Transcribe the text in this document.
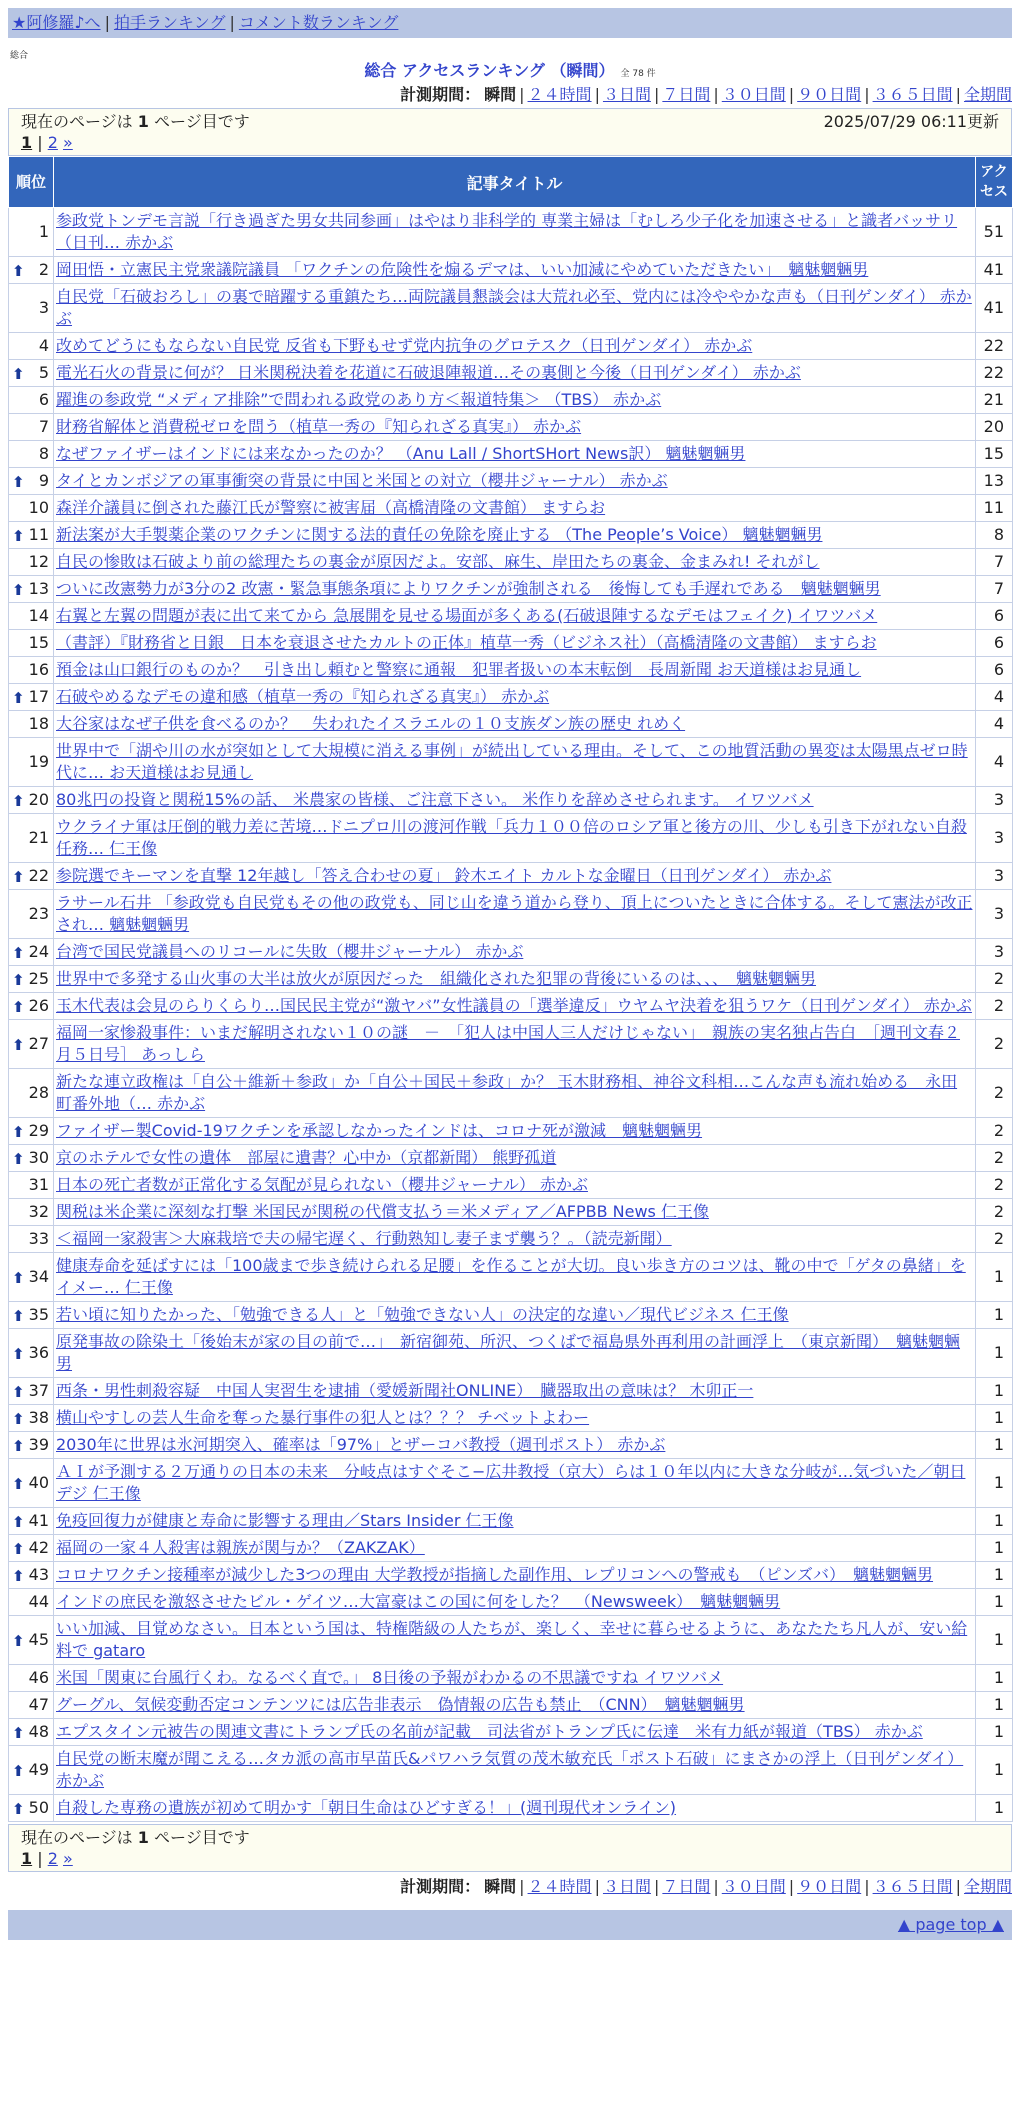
★阿修羅♪へ | 拍手ランキング | コメント数ランキング
総合
総合 アクセスランキング （瞬間） 全 78 件
計測期間： 瞬間 | ２４時間 | ３日間 | ７日間 | ３０日間 | ９０日間 | ３６５日間 | 全期間
現在のページは 1 ページ目です	2025/07/29 06:11更新
1 | 2 »
順位	記事タイトル	アクセス
1	参政党トンデモ言説「行き過ぎた男女共同参画」はやはり非科学的 専業主婦は「むしろ少子化を加速させる」と識者バッサリ（日刊… 赤かぶ	51

⬆ 2	岡田悟・立憲民主党衆議院議員 「ワクチンの危険性を煽るデマは、いい加減にやめていただきたい」　魑魅魍魎男	41
3	自民党「石破おろし」の裏で暗躍する重鎮たち…両院議員懇談会は大荒れ必至、党内には冷ややかな声も（日刊ゲンダイ） 赤かぶ	41
4	改めてどうにもならない自民党 反省も下野もせず党内抗争のグロテスク（日刊ゲンダイ） 赤かぶ	22

⬆ 5	電光石火の背景に何が？ 日米関税決着を花道に石破退陣報道…その裏側と今後（日刊ゲンダイ） 赤かぶ	22
6	躍進の参政党 “メディア排除”で問われる政党のあり方＜報道特集＞ （TBS） 赤かぶ	21
7	財務省解体と消費税ゼロを問う（植草一秀の『知られざる真実』） 赤かぶ	20
8	なぜファイザーはインドには来なかったのか？ （Anu Lall / ShortSHort News訳） 魑魅魍魎男	15

⬆ 9	タイとカンボジアの軍事衝突の背景に中国と米国との対立（櫻井ジャーナル） 赤かぶ	13
10	森洋介議員に倒された藤江氏が警察に被害届（高橋清隆の文書館） ますらお	11

⬆ 11	新法案が大手製薬企業のワクチンに関する法的責任の免除を廃止する （The People’s Voice） 魑魅魍魎男	8
12	自民の惨敗は石破より前の総理たちの裏金が原因だよ。安部、麻生、岸田たちの裏金、金まみれ! それがし	7

⬆ 13	ついに改憲勢力が3分の2 改憲・緊急事態条項によりワクチンが強制される　後悔しても手遅れである　魑魅魍魎男	7
14	右翼と左翼の問題が表に出て来てから 急展開を見せる場面が多くある(石破退陣するなデモはフェイク) イワツバメ	6
15	（書評）『財務省と日銀　日本を衰退させたカルトの正体』植草一秀（ビジネス社）（高橋清隆の文書館） ますらお	6
16	預金は山口銀行のものか？　引き出し頼むと警察に通報　犯罪者扱いの本末転倒　長周新聞 お天道様はお見通し	6

⬆ 17	石破やめるなデモの違和感（植草一秀の『知られざる真実』） 赤かぶ	4
18	大谷家はなぜ子供を食べるのか？　失われたイスラエルの１０支族ダン族の歴史 れめく	4
19	世界中で「湖や川の水が突如として大規模に消える事例」が続出している理由。そして、この地質活動の異変は太陽黒点ゼロ時代に… お天道様はお見通し	4

⬆ 20	80兆円の投資と関税15%の話、 米農家の皆様、ご注意下さい。 米作りを辞めさせられます。 イワツバメ	3
21	ウクライナ軍は圧倒的戦力差に苦境…ドニプロ川の渡河作戦「兵力１００倍のロシア軍と後方の川、少しも引き下がれない自殺任務… 仁王像	3

⬆ 22	参院選でキーマンを直撃 12年越し「答え合わせの夏」 鈴木エイト カルトな金曜日（日刊ゲンダイ） 赤かぶ	3
23	ラサール石井 「参政党も自民党もその他の政党も、同じ山を違う道から登り、頂上についたときに合体する。そして憲法が改正され… 魑魅魍魎男	3

⬆ 24	台湾で国民党議員へのリコールに失敗（櫻井ジャーナル） 赤かぶ	3

⬆ 25	世界中で多発する山火事の大半は放火が原因だった　組織化された犯罪の背後にいるのは、、、　魑魅魍魎男	2

⬆ 26	玉木代表は会見のらりくらり…国民民主党が“激ヤバ”女性議員の「選挙違反」ウヤムヤ決着を狙うワケ（日刊ゲンダイ） 赤かぶ	2

⬆ 27	福岡一家惨殺事件：いまだ解明されない１０の謎　－　「犯人は中国人三人だけじゃない」　親族の実名独占告白　［週刊文春２月５日号］ あっしら	2
28	新たな連立政権は「自公＋維新＋参政」か「自公＋国民＋参政」か？ 玉木財務相、神谷文科相…こんな声も流れ始める　永田町番外地（… 赤かぶ	2

⬆ 29	ファイザー製Covid-19ワクチンを承認しなかったインドは、コロナ死が激減　魑魅魍魎男	2

⬆ 30	京のホテルで女性の遺体　部屋に遺書？心中か（京都新聞） 熊野孤道	2
31	日本の死亡者数が正常化する気配が見られない（櫻井ジャーナル） 赤かぶ	2
32	関税は米企業に深刻な打撃 米国民が関税の代償支払う＝米メディア／AFPBB News 仁王像	2
33	＜福岡一家殺害＞大麻栽培で夫の帰宅遅く、行動熟知し妻子まず襲う？。（読売新聞）	2

⬆ 34	健康寿命を延ばすには「100歳まで歩き続けられる足腰」を作ることが大切。良い歩き方のコツは、靴の中で「ゲタの鼻緒」をイメー… 仁王像	1

⬆ 35	若い頃に知りたかった、「勉強できる人」と「勉強できない人」の決定的な違い／現代ビジネス 仁王像	1

⬆ 36	原発事故の除染土「後始末が家の目の前で…」　新宿御苑、所沢、つくばで福島県外再利用の計画浮上　（東京新聞）　魑魅魍魎男	1

⬆ 37	西条・男性刺殺容疑　中国人実習生を逮捕（愛媛新聞社ONLINE）　臓器取出の意味は？ 木卯正一	1

⬆ 38	横山やすしの芸人生命を奪った暴行事件の犯人とは？？？ チベットよわー	1

⬆ 39	2030年に世界は氷河期突入、確率は「97%」とザーコバ教授（週刊ポスト） 赤かぶ	1

⬆ 40	ＡＩが予測する２万通りの日本の未来　分岐点はすぐそこ−広井教授（京大）らは１０年以内に大きな分岐が…気づいた／朝日デジ 仁王像	1

⬆ 41	免疫回復力が健康と寿命に影響する理由／Stars Insider 仁王像	1

⬆ 42	福岡の一家４人殺害は親族が関与か？（ZAKZAK）	1

⬆ 43	コロナワクチン接種率が減少した3つの理由 大学教授が指摘した副作用、レプリコンへの警戒も　（ピンズバ）　魑魅魍魎男	1
44	インドの庶民を激怒させたビル・ゲイツ…大富豪はこの国に何をした？　（Newsweek）　魑魅魍魎男	1

⬆ 45	いい加減、目覚めなさい。日本という国は、特権階級の人たちが、楽しく、幸せに暮らせるように、あなたたち凡人が、安い給料で gataro	1
46	米国「関東に台風行くわ。なるべく直で。」 8日後の予報がわかるの不思議ですね イワツバメ	1
47	グーグル、気候変動否定コンテンツには広告非表示　偽情報の広告も禁止　（CNN）　魑魅魍魎男	1

⬆ 48	エプスタイン元被告の関連文書にトランプ氏の名前が記載　司法省がトランプ氏に伝達　米有力紙が報道（TBS） 赤かぶ	1

⬆ 49	自民党の断末魔が聞こえる…タカ派の高市早苗氏&パワハラ気質の茂木敏充氏「ポスト石破」にまさかの浮上（日刊ゲンダイ） 赤かぶ	1

⬆ 50	自殺した専務の遺族が初めて明かす「朝日生命はひどすぎる！」(週刊現代オンライン)	1
現在のページは 1 ページ目です
1 | 2 »
計測期間： 瞬間 | ２４時間 | ３日間 | ７日間 | ３０日間 | ９０日間 | ３６５日間 | 全期間
▲ page top ▲
